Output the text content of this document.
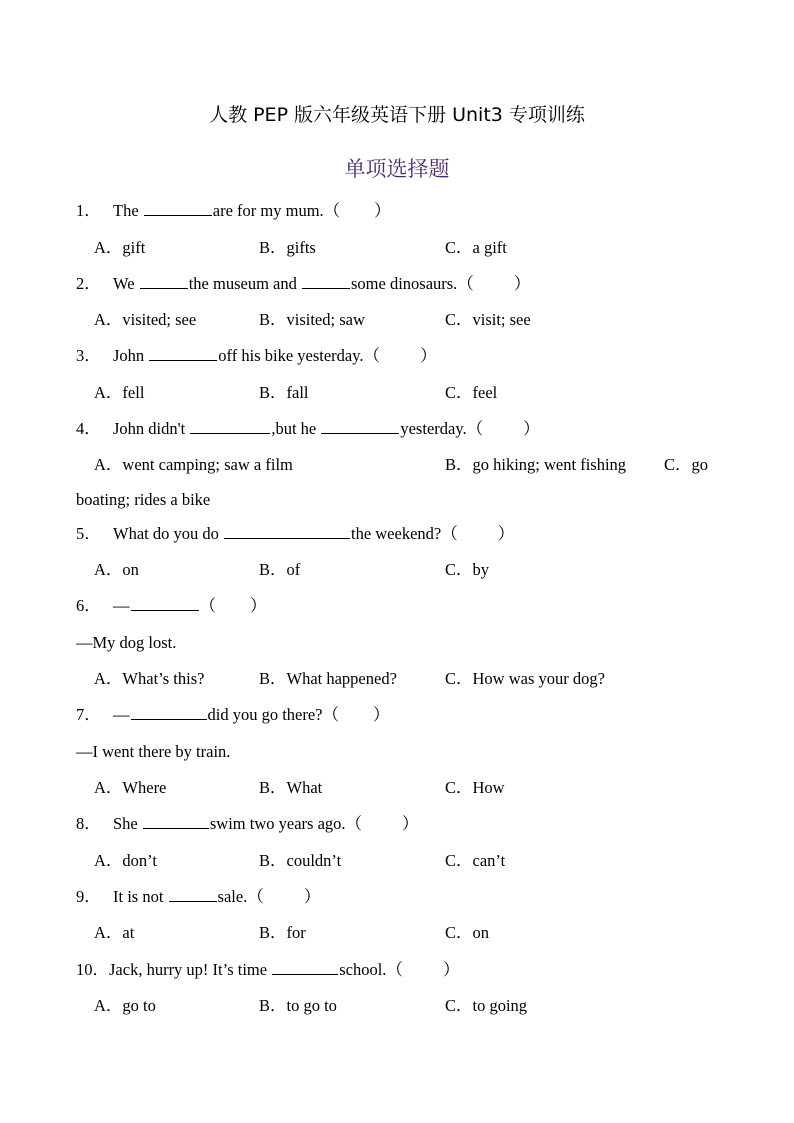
人教 PEP 版六年级英语下册 Unit3 专项训练
单项选择题
1． The	are for my mum.（ ）
A．gift	B．gifts	C．a gift
2． We	the museum and	some dinosaurs.（ ）
A．visited; see	B．visited; saw	C．visit; see
3． John	off his bike yesterday.（ ）
A．fell	B．fall	C．feel
4． John didn't	,but he	yesterday.（ ）
A．went camping; saw a film	B．go hiking; went fishing C．go
boating; rides a bike
5． What do you do	the weekend?（ ）
A．on	B．of	C．by
6． —	（ ）
—My dog lost.
A．What’s this?	B．What happened?	C．How was your dog?
7． —	did you go there?（ ）
—I went there by train.
A．Where	B．What	C．How
8． She	swim two years ago.（ ）
A．don’t	B．couldn’t	C．can’t
9． It is not	sale.（ ）
A．at	B．for	C．on
10．Jack, hurry up! It’s time	school.（ ）
A．go to	B．to go to	C．to going
